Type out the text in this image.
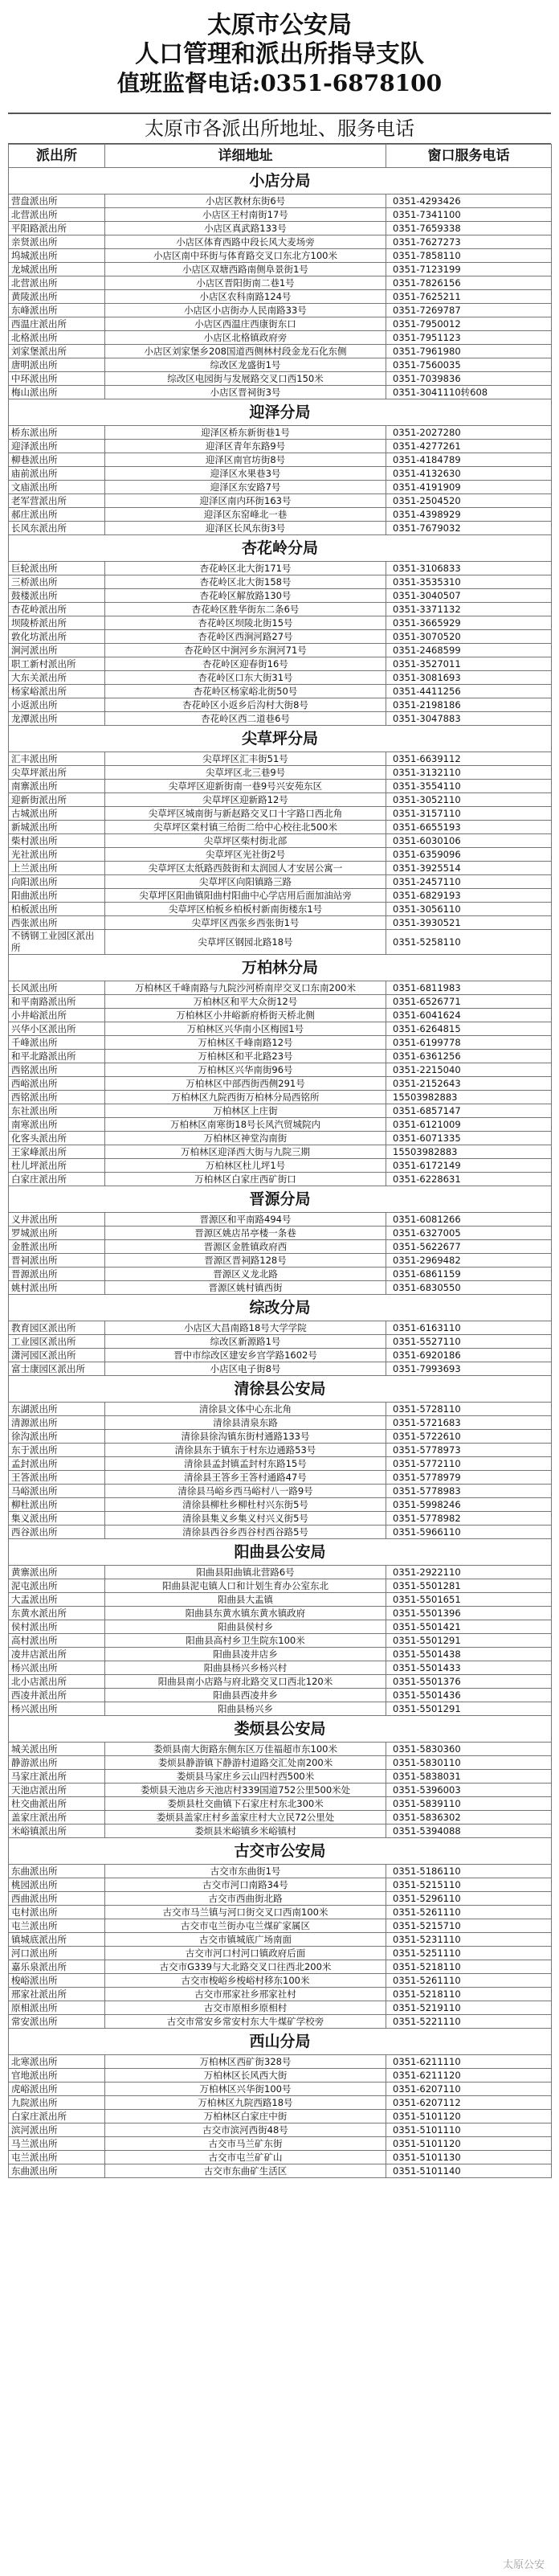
太原市公安局
人口管理和派出所指导支队
值班监督电话:0351-6878100
太原市各派出所地址、服务电话
派出所	详细地址	窗口服务电话
小店分局		
营盘派出所	小店区教材东街6号	0351-4293426
北营派出所	小店区王村南街17号	0351-7341100
平阳路派出所	小店区真武路133号	0351-7659338
亲贤派出所	小店区体育西路中段长风大麦场旁	0351-7627273
坞城派出所	小店区南中环街与体育路交叉口东北方100米	0351-7858110
龙城派出所	小店区双塘西路南侧阜景街1号	0351-7123199
北营派出所	小店区晋阳街南二巷1号	0351-7826156
黄陵派出所	小店区农科南路124号	0351-7625211
东峰派出所	小店区小店街办人民南路33号	0351-7269787
西温庄派出所	小店区西温庄西康街东口	0351-7950012
北格派出所	小店区北格镇政府旁	0351-7951123
刘家堡派出所	小店区刘家堡乡208国道西侧林村段金龙石化东侧	0351-7961980
唐明派出所	综改区龙盛街1号	0351-7560035
中环派出所	综改区电园街与发展路交叉口西150米	0351-7039836
梅山派出所	小店区晋祠街3号	0351-3041110转608
迎泽分局		
桥东派出所	迎泽区桥东新街巷1号	0351-2027280
迎泽派出所	迎泽区青年东路9号	0351-4277261
柳巷派出所	迎泽区南官坊街8号	0351-4184789
庙前派出所	迎泽区水果巷3号	0351-4132630
文庙派出所	迎泽区东安路7号	0351-4191909
老军营派出所	迎泽区南内环街163号	0351-2504520
郝庄派出所	迎泽区东窑峰北一巷	0351-4398929
长风东派出所	迎泽区长风东街3号	0351-7679032
杏花岭分局		
巨轮派出所	杏花岭区北大街171号	0351-3106833
三桥派出所	杏花岭区北大街158号	0351-3535310
鼓楼派出所	杏花岭区解放路130号	0351-3040507
杏花岭派出所	杏花岭区胜华街东二条6号	0351-3371132
坝陵桥派出所	杏花岭区坝陵北街15号	0351-3665929
敦化坊派出所	杏花岭区西涧河路27号	0351-3070520
涧河派出所	杏花岭区中涧河乡东涧河71号	0351-2468599
职工新村派出所	杏花岭区迎春街16号	0351-3527011
大东关派出所	杏花岭区口东大街31号	0351-3081693
杨家峪派出所	杏花岭区杨家峪北街50号	0351-4411256
小返派出所	杏花岭区小返乡后沟村大街8号	0351-2198186
龙潭派出所	杏花岭区西二道巷6号	0351-3047883
尖草坪分局		
汇丰派出所	尖草坪区汇丰街51号	0351-6639112
尖草坪派出所	尖草坪区北三巷9号	0351-3132110
南寨派出所	尖草坪区迎新街南一巷9号兴安苑东区	0351-3554110
迎新街派出所	尖草坪区迎新路12号	0351-3052110
古城派出所	尖草坪区城南街与新赵路交叉口十字路口西北角	0351-3157110
新城派出所	尖草坪区棠村镇三给街二给中心校往北500米	0351-6655193
柴村派出所	尖草坪区柴村街北部	0351-6030106
光社派出所	尖草坪区光社街2号	0351-6359096
上兰派出所	尖草坪区太纸路西鼓街和太润园人才安居公寓一	0351-3925514
向阳派出所	尖草坪区向阳镇路三路	0351-2457110
阳曲派出所	尖草坪区阳曲镇阳曲村阳曲中心学店用后面加油站旁	0351-6829193
柏板派出所	尖草坪区柏板乡柏板村新南街楼东1号	0351-3056110
西张派出所	尖草坪区西张乡西张街1号	0351-3930521
不锈钢工业园区派出所	尖草坪区钢园北路18号	0351-5258110
万柏林分局		
长风派出所	万柏林区千峰南路与九院沙河桥南岸交叉口东南200米	0351-6811983
和平南路派出所	万柏林区和平大众街12号	0351-6526771
小井峪派出所	万柏林区小井峪新府桥街天桥北侧	0351-6041624
兴华小区派出所	万柏林区兴华南小区梅园1号	0351-6264815
千峰派出所	万柏林区千峰南路12号	0351-6199778
和平北路派出所	万柏林区和平北路23号	0351-6361256
西铭派出所	万柏林区兴华南街96号	0351-2215040
西峪派出所	万柏林区中部西街西侧291号	0351-2152643
西铭派出所	万柏林区九院西街万柏林分局西铭所	15503982883
东社派出所	万柏林区上庄街	0351-6857147
南寒派出所	万柏林区南寒街18号长风汽贸城院内	0351-6121009
化客头派出所	万柏林区神堂沟南街	0351-6071335
王家峰派出所	万柏林区迎泽西大街与九院三期	15503982883
杜儿坪派出所	万柏林区杜儿坪1号	0351-6172149
白家庄派出所	万柏林区白家庄西矿街口	0351-6228631
晋源分局		
义井派出所	晋源区和平南路494号	0351-6081266
罗城派出所	晋源区姚店吊亭楼一条巷	0351-6327005
金胜派出所	晋源区金胜镇政府西	0351-5622677
晋祠派出所	晋源区晋祠路128号	0351-2969482
晋源派出所	晋源区义龙北路	0351-6861159
姚村派出所	晋源区姚村镇西街	0351-6830550
综改分局		
教育园区派出所	小店区大昌南路18号大学学院	0351-6163110
工业园区派出所	综改区新源路1号	0351-5527110
潇河园区派出所	晋中市综改区建安乡宫学路1602号	0351-6920186
富士康园区派出所	小店区电子街8号	0351-7993693
清徐县公安局		
东湖派出所	清徐县文体中心东北角	0351-5728110
清源派出所	清徐县清泉东路	0351-5721683
徐沟派出所	清徐县徐沟镇东街村通路133号	0351-5722610
东于派出所	清徐县东于镇东于村东边通路53号	0351-5778973
孟封派出所	清徐县孟封镇孟封村东路15号	0351-5772110
王答派出所	清徐县王答乡王答村通路47号	0351-5778979
马峪派出所	清徐县马峪乡西马峪村八一路9号	0351-5778983
柳杜派出所	清徐县柳杜乡柳杜村兴东街5号	0351-5998246
集义派出所	清徐县集义乡集义村兴义街5号	0351-5778982
西谷派出所	清徐县西谷乡西谷村西谷路5号	0351-5966110
阳曲县公安局		
黄寨派出所	阳曲县阳曲镇北营路6号	0351-2922110
泥屯派出所	阳曲县泥屯镇人口和计划生育办公室东北	0351-5501281
大盂派出所	阳曲县大盂镇	0351-5501651
东黄水派出所	阳曲县东黄水镇东黄水镇政府	0351-5501396
侯村派出所	阳曲县侯村乡	0351-5501421
高村派出所	阳曲县高村乡卫生院东100米	0351-5501291
凌井店派出所	阳曲县凌井店乡	0351-5501438
杨兴派出所	阳曲县杨兴乡杨兴村	0351-5501433
北小店派出所	阳曲县南小店路与府北路交叉口西北120米	0351-5501376
西凌井派出所	阳曲县西凌井乡	0351-5501436
杨兴派出所	阳曲县杨兴乡	0351-5501291
娄烦县公安局		
城关派出所	娄烦县南大街路东侧东区万佳福超市东100米	0351-5830360
静游派出所	娄烦县静游镇下静游村道路交汇处南200米	0351-5830110
马家庄派出所	娄烦县马家庄乡云山四村西500米	0351-5838031
天池店派出所	娄烦县天池店乡天池店村339国道752公里500米处	0351-5396003
杜交曲派出所	娄烦县杜交曲镇下石家庄村东北300米	0351-5839110
盖家庄派出所	娄烦县盖家庄村乡盖家庄村大立民72公里处	0351-5836302
米峪镇派出所	娄烦县米峪镇乡米峪镇村	0351-5394088
古交市公安局		
东曲派出所	古交市东曲街1号	0351-5186110
桃园派出所	古交市河口南路34号	0351-5215110
西曲派出所	古交市西曲街北路	0351-5296110
屯村派出所	古交市马兰镇与河口街交叉口西南100米	0351-5261110
屯兰派出所	古交市屯兰街办屯兰煤矿家属区	0351-5215710
镇城底派出所	古交市镇城底广场南面	0351-5231110
河口派出所	古交市河口村河口镇政府后面	0351-5251110
嘉乐泉派出所	古交市G339与大北路交叉口往西北200米	0351-5218110
梭峪派出所	古交市梭峪乡梭峪村移东100米	0351-5261110
邢家社派出所	古交市邢家社乡邢家社村	0351-5218110
原相派出所	古交市原相乡原相村	0351-5219110
常安派出所	古交市常安乡常安村东大牛煤矿学校旁	0351-5221110
西山分局		
北寒派出所	万柏林区西矿街328号	0351-6211110
官地派出所	万柏林区长风西大街	0351-6211120
虎峪派出所	万柏林区兴华街100号	0351-6207110
九院派出所	万柏林区九院西路18号	0351-6207112
白家庄派出所	万柏林区白家庄中街	0351-5101120
滨河派出所	古交市滨河西街48号	0351-5101110
马兰派出所	古交市马兰矿东街	0351-5101120
屯兰派出所	古交市屯兰矿矿山	0351-5101130
东曲派出所	古交市东曲矿生活区	0351-5101140
太原公安
